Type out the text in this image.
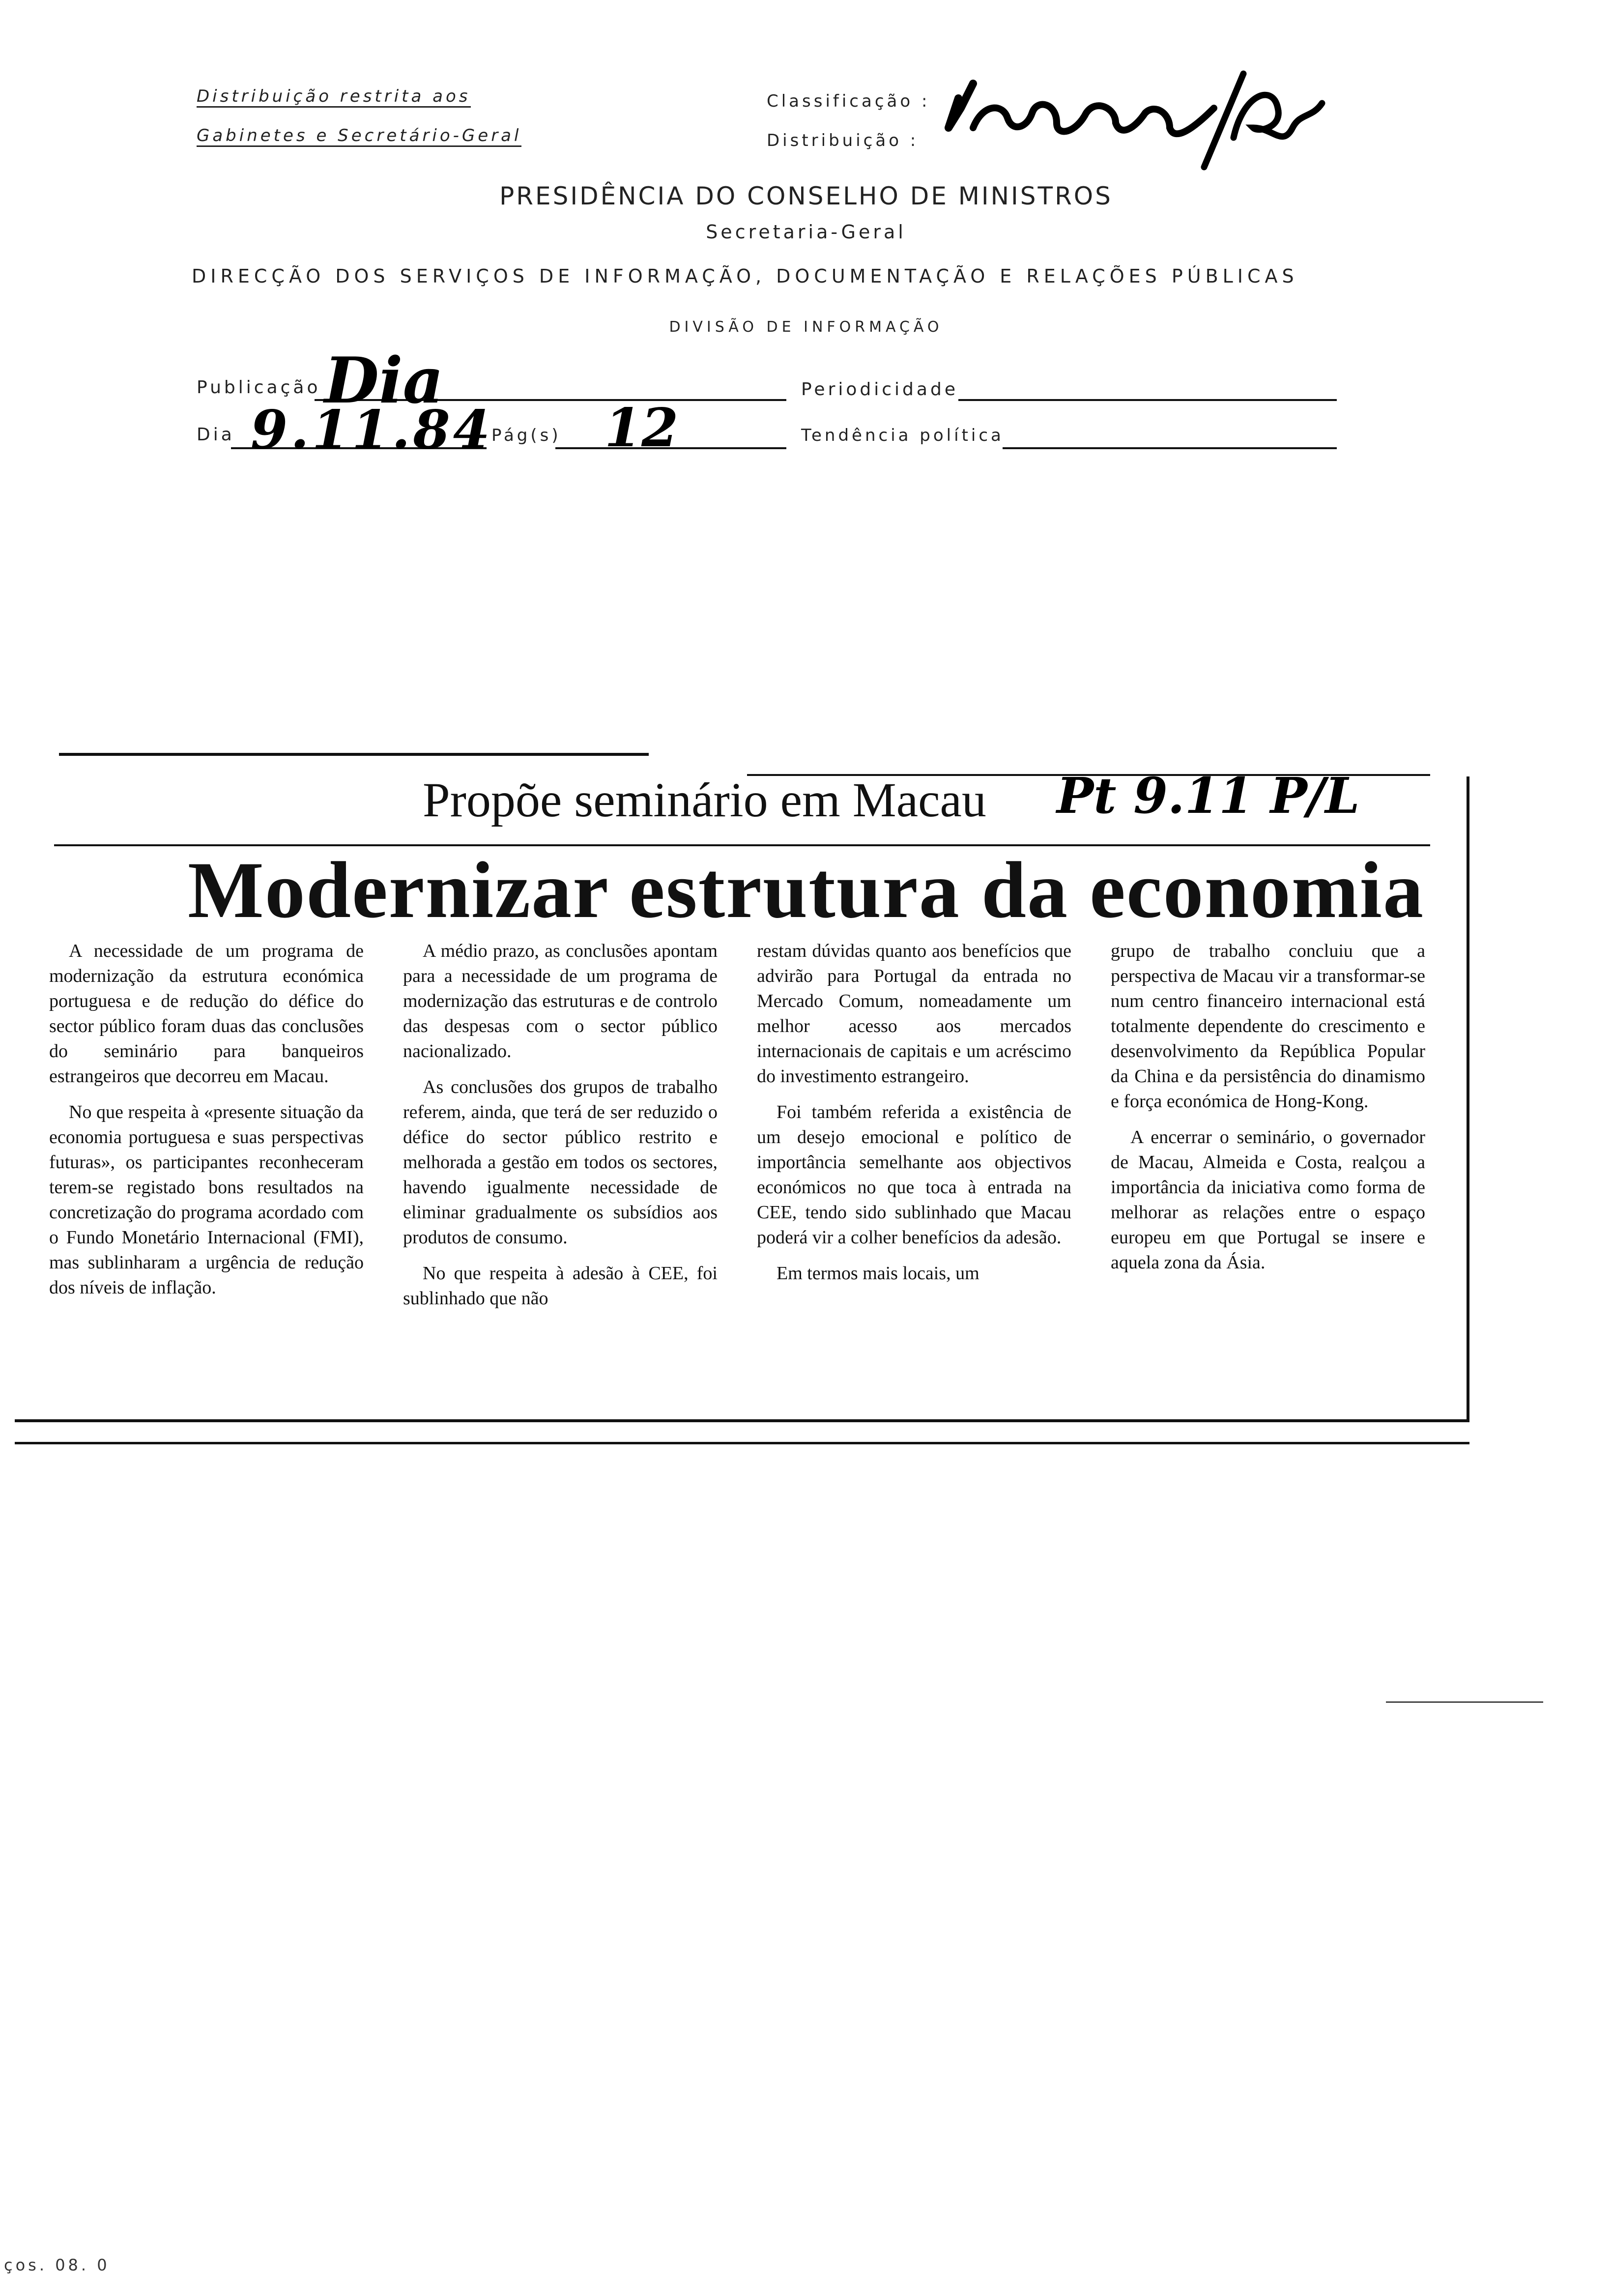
Distribuição restrita aos
Gabinetes e Secretário-Geral
Classificação :
Distribuição :
PRESIDÊNCIA DO CONSELHO DE MINISTROS
Secretaria-Geral
DIRECÇÃO DOS SERVIÇOS DE INFORMAÇÃO, DOCUMENTAÇÃO E RELAÇÕES PÚBLICAS
DIVISÃO DE INFORMAÇÃO
Publicação Dia	Periodicidade
Dia 9.11.84
Pág(s) 12	Tendência política
Propõe seminário em Macau Pt 9.11 P/L
Modernizar estrutura da economia

A necessidade de um programa de modernização da estrutura económica portuguesa e de redução do défice do sector público foram duas das conclusões do seminário para banqueiros estrangeiros que decorreu em Macau.

No que respeita à «presente situação da economia portuguesa e suas perspectivas futuras», os participantes reconheceram terem-se registado bons resultados na concretização do programa acordado com o Fundo Monetário Internacional (FMI), mas sublinharam a urgência de redução dos níveis de inflação.

A médio prazo, as conclusões apontam para a necessidade de um programa de modernização das estruturas e de controlo das despesas com o sector público nacionalizado.

As conclusões dos grupos de trabalho referem, ainda, que terá de ser reduzido o défice do sector público restrito e melhorada a gestão em todos os sectores, havendo igualmente necessidade de eliminar gradualmente os subsídios aos produtos de consumo.

No que respeita à adesão à CEE, foi sublinhado que não

restam dúvidas quanto aos benefícios que advirão para Portugal da entrada no Mercado Comum, nomeadamente um melhor acesso aos mercados internacionais de capitais e um acréscimo do investimento estrangeiro.

Foi também referida a existência de um desejo emocional e político de importância semelhante aos objectivos económicos no que toca à entrada na CEE, tendo sido sublinhado que Macau poderá vir a colher benefícios da adesão.

Em termos mais locais, um

grupo de trabalho concluiu que a perspectiva de Macau vir a transformar-se num centro financeiro internacional está totalmente dependente do crescimento e desenvolvimento da República Popular da China e da persistência do dinamismo e força económica de Hong-Kong.

A encerrar o seminário, o governador de Macau, Almeida e Costa, realçou a importância da iniciativa como forma de melhorar as relações entre o espaço europeu em que Portugal se insere e aquela zona da Ásia.

ços. 08. 0
